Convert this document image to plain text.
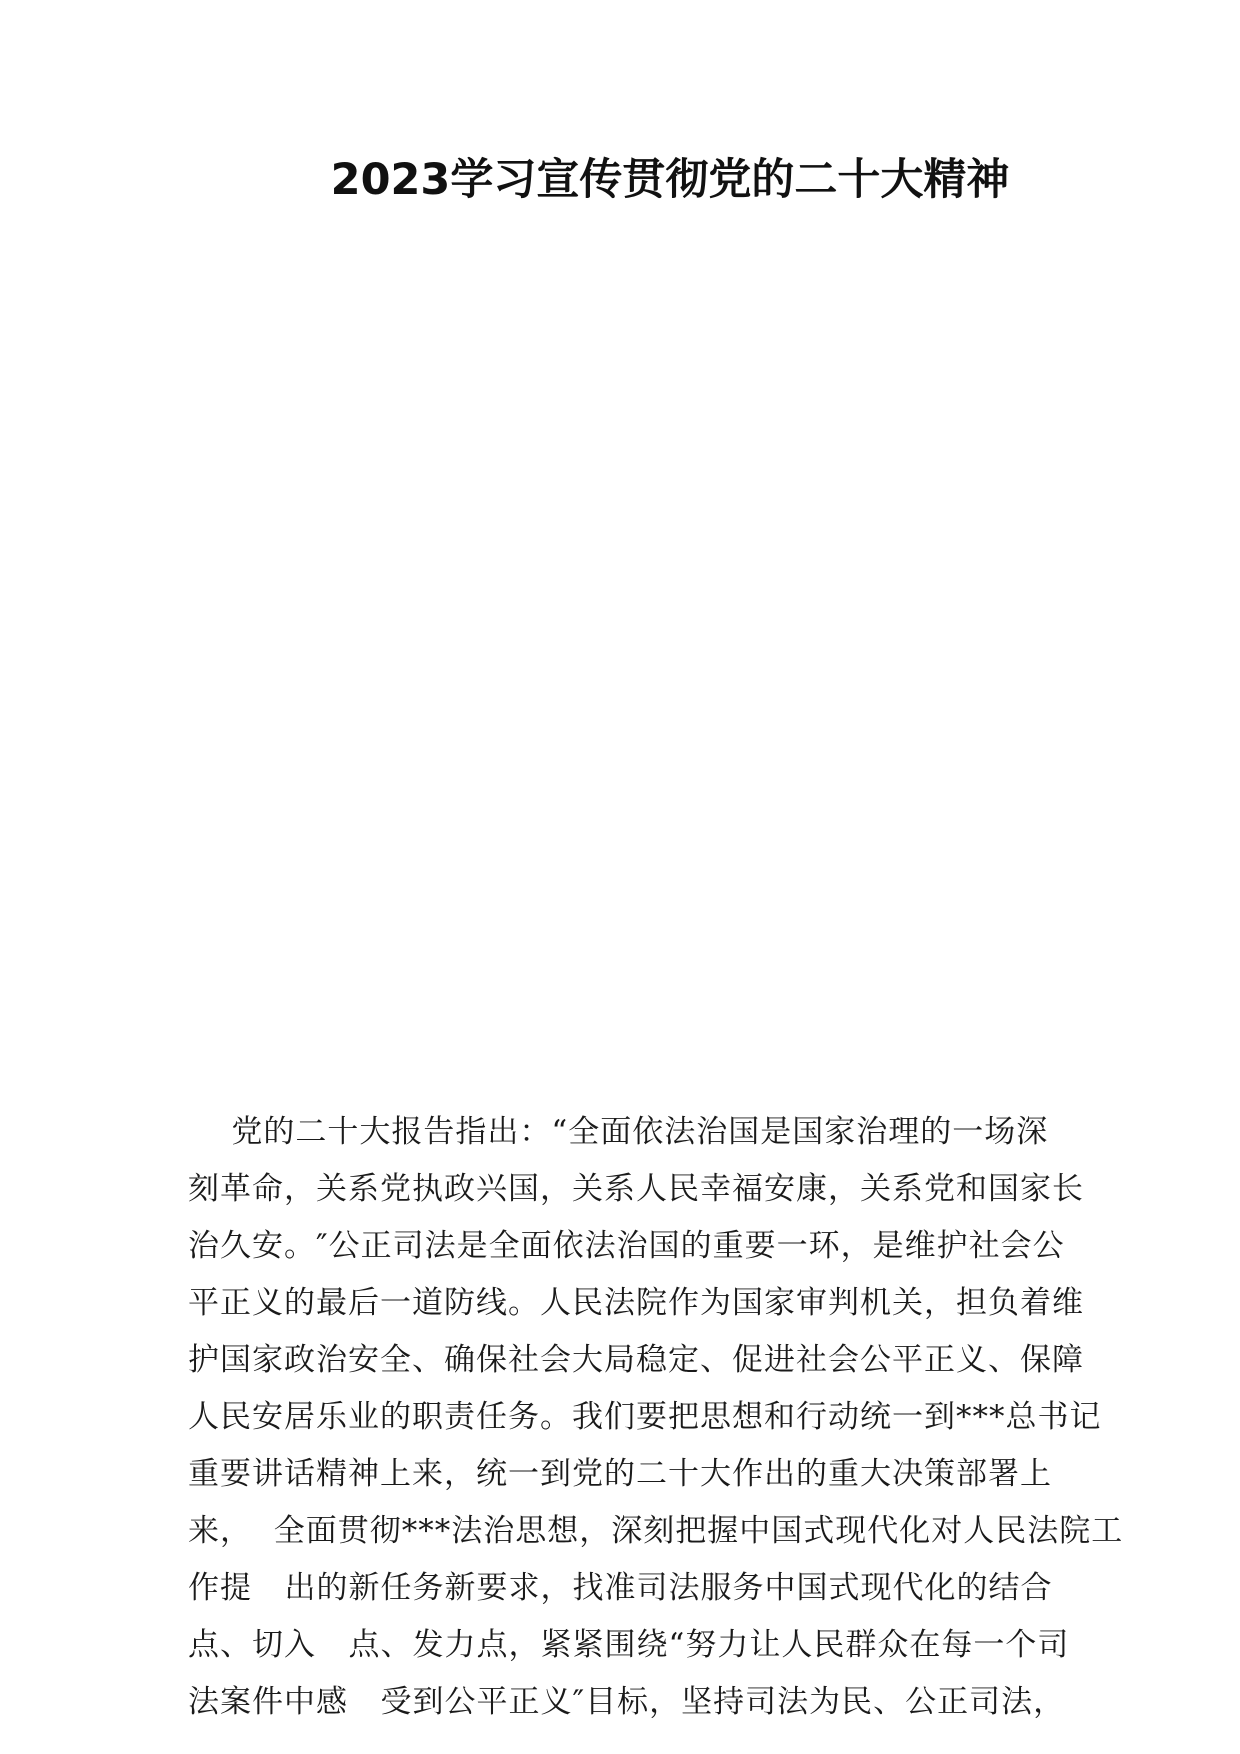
2023学习宣传贯彻党的二十大精神
党的二十大报告指出：“全面依法治国是国家治理的一场深
刻革命，关系党执政兴国，关系人民幸福安康，关系党和国家长
治久安。″公正司法是全面依法治国的重要一环，是维护社会公
平正义的最后一道防线。人民法院作为国家审判机关，担负着维
护国家政治安全、确保社会大局稳定、促进社会公平正义、保障
人民安居乐业的职责任务。我们要把思想和行动统一到***总书记
重要讲话精神上来，统一到党的二十大作出的重大决策部署上
来，  全面贯彻***法治思想，深刻把握中国式现代化对人民法院工
作提   出的新任务新要求，找准司法服务中国式现代化的结合
点、切入   点、发力点，紧紧围绕“努力让人民群众在每一个司
法案件中感   受到公平正义″目标，坚持司法为民、公正司法，
